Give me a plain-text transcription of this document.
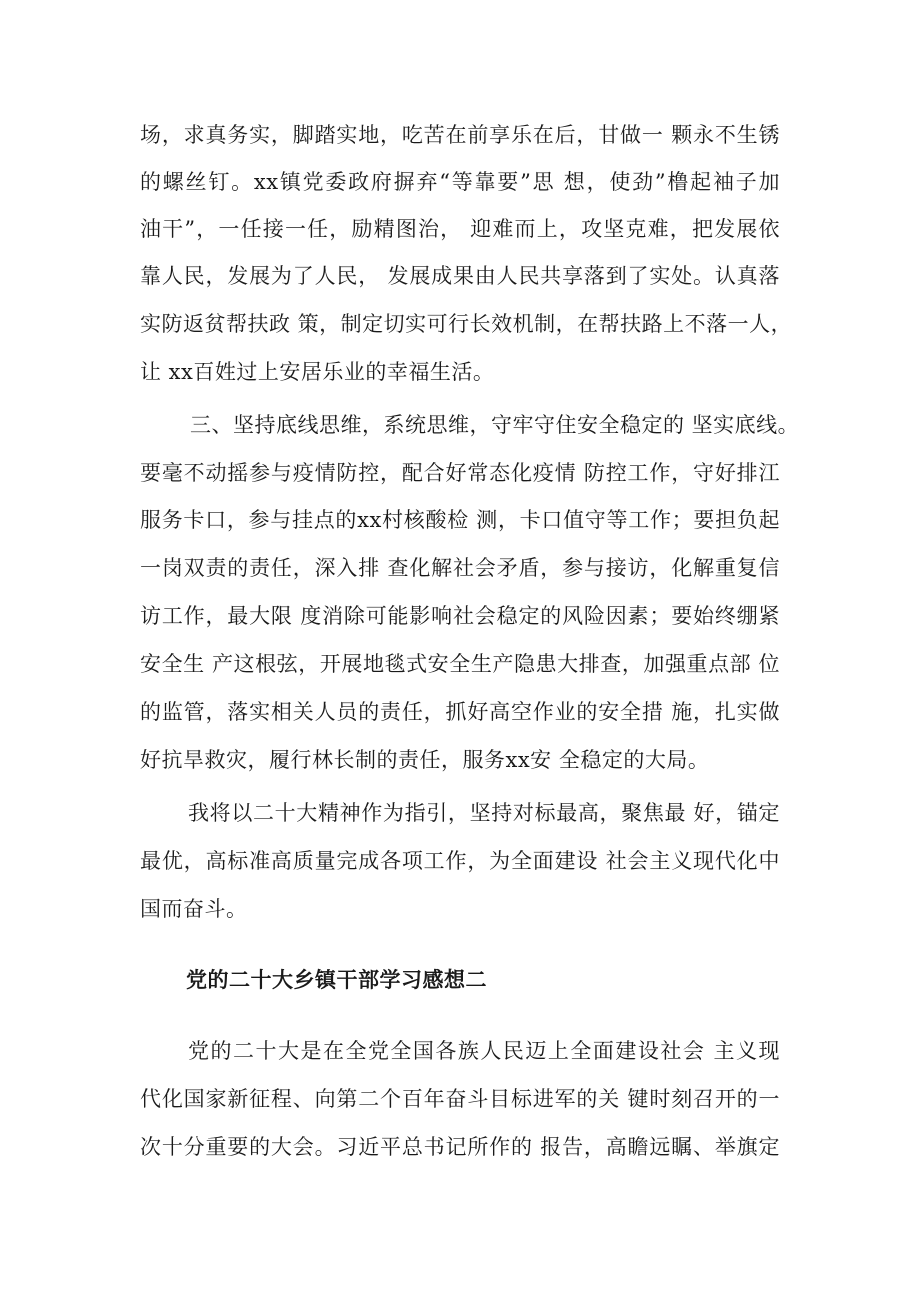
场，求真务实，脚踏实地，吃苦在前享乐在后，甘做一 颗永不生锈
的螺丝钉。xx镇党委政府摒弃“等靠要”思 想，使劲”橹起袖子加
油干”，一任接一任，励精图治， 迎难而上，攻坚克难，把发展依
靠人民，发展为了人民， 发展成果由人民共享落到了实处。认真落
实防返贫帮扶政 策，制定切实可行长效机制，在帮扶路上不落一人，
让 xx百姓过上安居乐业的幸福生活。
三、坚持底线思维，系统思维，守牢守住安全稳定的 坚实底线。
要毫不动摇参与疫情防控，配合好常态化疫情 防控工作，守好排江
服务卡口，参与挂点的xx村核酸检 测，卡口值守等工作；要担负起
一岗双责的责任，深入排 查化解社会矛盾，参与接访，化解重复信
访工作，最大限 度消除可能影响社会稳定的风险因素；要始终绷紧
安全生 产这根弦，开展地毯式安全生产隐患大排查，加强重点部 位
的监管，落实相关人员的责任，抓好高空作业的安全措 施，扎实做
好抗旱救灾，履行林长制的责任，服务xx安 全稳定的大局。
我将以二十大精神作为指引，坚持对标最高，聚焦最 好，锚定
最优，高标准高质量完成各项工作，为全面建设 社会主义现代化中
国而奋斗。
党的二十大乡镇干部学习感想二
党的二十大是在全党全国各族人民迈上全面建设社会 主义现
代化国家新征程、向第二个百年奋斗目标进军的关 键时刻召开的一
次十分重要的大会。习近平总书记所作的 报告，高瞻远瞩、举旗定
